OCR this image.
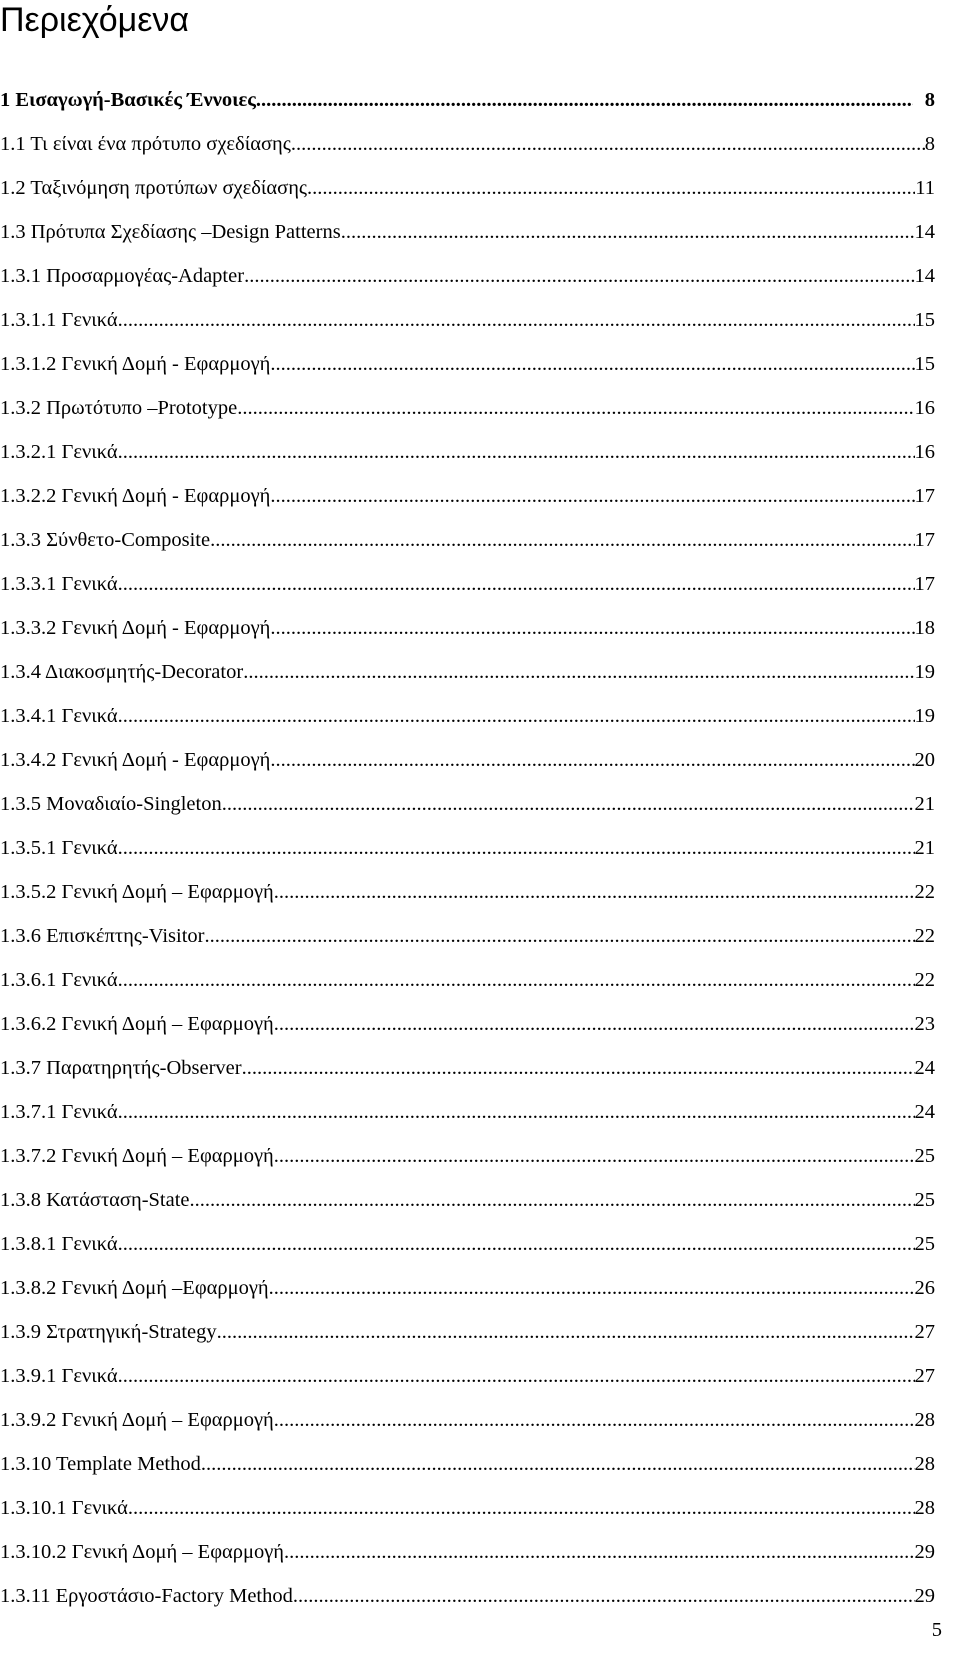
Περιεχόμενα
1 Εισαγωγή-Βασικές Έννοιες .....	8
1.1 Τι είναι ένα πρότυπο σχεδίασης .....	8
1.2 Ταξινόμηση προτύπων σχεδίασης .....	11
1.3 Πρότυπα Σχεδίασης –Design Patterns .....	14
1.3.1 Προσαρμογέας-Adapter .....	14
1.3.1.1 Γενικά .....	15
1.3.1.2 Γενική Δομή - Εφαρμογή .....	15
1.3.2 Πρωτότυπο –Prototype .....	16
1.3.2.1 Γενικά .....	16
1.3.2.2 Γενική Δομή - Εφαρμογή .....	17
1.3.3 Σύνθετο-Composite .....	17
1.3.3.1 Γενικά .....	17
1.3.3.2 Γενική Δομή - Εφαρμογή .....	18
1.3.4 Διακοσμητής-Decorator .....	19
1.3.4.1 Γενικά .....	19
1.3.4.2 Γενική Δομή - Εφαρμογή .....	20
1.3.5 Μοναδιαίο-Singleton .....	21
1.3.5.1 Γενικά .....	21
1.3.5.2 Γενική Δομή – Εφαρμογή .....	22
1.3.6 Επισκέπτης-Visitor .....	22
1.3.6.1 Γενικά .....	22
1.3.6.2 Γενική Δομή – Εφαρμογή .....	23
1.3.7 Παρατηρητής-Observer .....	24
1.3.7.1 Γενικά .....	24
1.3.7.2 Γενική Δομή – Εφαρμογή .....	25
1.3.8 Κατάσταση-State .....	25
1.3.8.1 Γενικά .....	25
1.3.8.2 Γενική Δομή –Εφαρμογή .....	26
1.3.9 Στρατηγική-Strategy .....	27
1.3.9.1 Γενικά .....	27
1.3.9.2 Γενική Δομή – Εφαρμογή .....	28
1.3.10 Template Method .....	28
1.3.10.1 Γενικά .....	28
1.3.10.2 Γενική Δομή – Εφαρμογή .....	29
1.3.11 Εργοστάσιο-Factory Method .....	29
5
